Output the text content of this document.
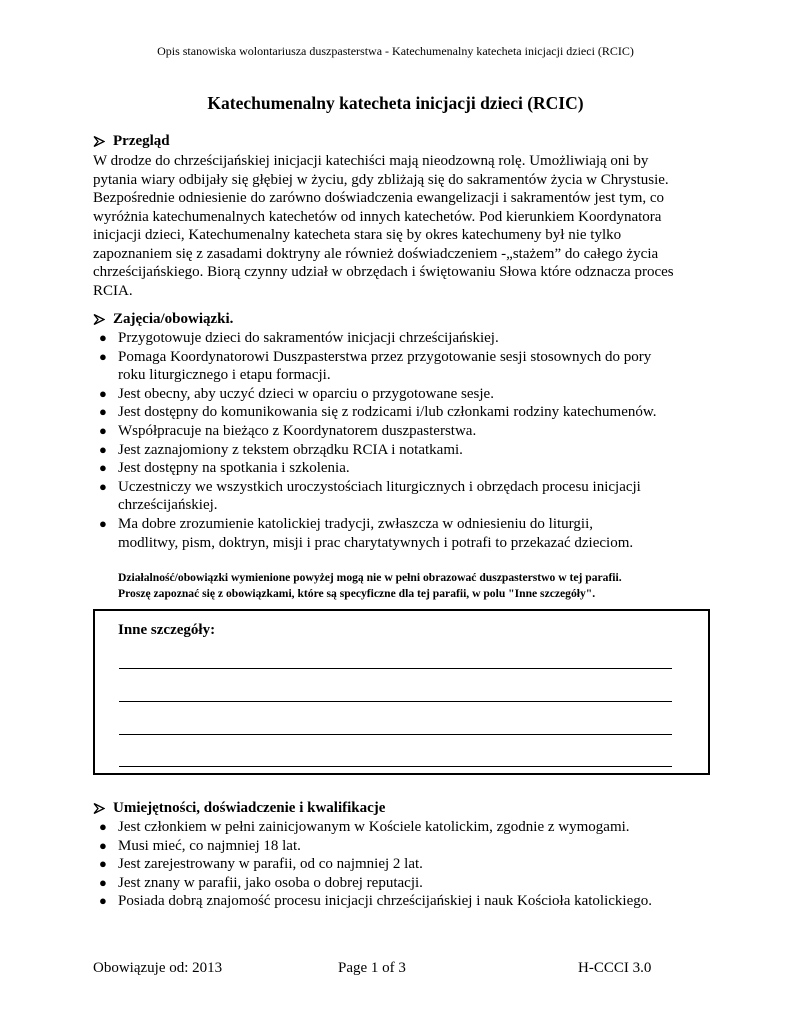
Opis stanowiska wolontariusza duszpasterstwa - Katechumenalny katecheta inicjacji dzieci (RCIC)
Katechumenalny katecheta inicjacji dzieci (RCIC)
Przegląd

W drodze do chrześcijańskiej inicjacji katechiści mają nieodzowną rolę. Umożliwiają oni by

pytania wiary odbijały się głębiej w życiu, gdy zbliżają się do sakramentów życia w Chrystusie.

Bezpośrednie odniesienie do zarówno doświadczenia ewangelizacji i sakramentów jest tym, co

wyróżnia katechumenalnych katechetów od innych katechetów. Pod kierunkiem Koordynatora

inicjacji dzieci, Katechumenalny katecheta stara się by okres katechumeny był nie tylko

zapoznaniem się z zasadami doktryny ale również doświadczeniem -„stażem” do całego życia

chrześcijańskiego. Biorą czynny udział w obrzędach i świętowaniu Słowa które odznacza proces

RCIA.

Zajęcia/obowiązki.
● Przygotowuje dzieci do sakramentów inicjacji chrześcijańskiej.
● Pomaga Koordynatorowi Duszpasterstwa przez przygotowanie sesji stosownych do pory
roku liturgicznego i etapu formacji.
● Jest obecny, aby uczyć dzieci w oparciu o przygotowane sesje.
● Jest dostępny do komunikowania się z rodzicami i/lub członkami rodziny katechumenów.
● Współpracuje na bieżąco z Koordynatorem duszpasterstwa.
● Jest zaznajomiony z tekstem obrządku RCIA i notatkami.
● Jest dostępny na spotkania i szkolenia.
● Uczestniczy we wszystkich uroczystościach liturgicznych i obrzędach procesu inicjacji
chrześcijańskiej.
● Ma dobre zrozumienie katolickiej tradycji, zwłaszcza w odniesieniu do liturgii,
modlitwy, pism, doktryn, misji i prac charytatywnych i potrafi to przekazać dzieciom.
Działalność/obowiązki wymienione powyżej mogą nie w pełni obrazować duszpasterstwo w tej parafii.
Proszę zapoznać się z obowiązkami, które są specyficzne dla tej parafii, w polu "Inne szczegóły".
Inne szczegóły:
Umiejętności, doświadczenie i kwalifikacje
● Jest członkiem w pełni zainicjowanym w Kościele katolickim, zgodnie z wymogami.
● Musi mieć, co najmniej 18 lat.
● Jest zarejestrowany w parafii, od co najmniej 2 lat.
● Jest znany w parafii, jako osoba o dobrej reputacji.
● Posiada dobrą znajomość procesu inicjacji chrześcijańskiej i nauk Kościoła katolickiego.
Obowiązuje od: 2013	Page 1 of 3	H-CCCI 3.0
